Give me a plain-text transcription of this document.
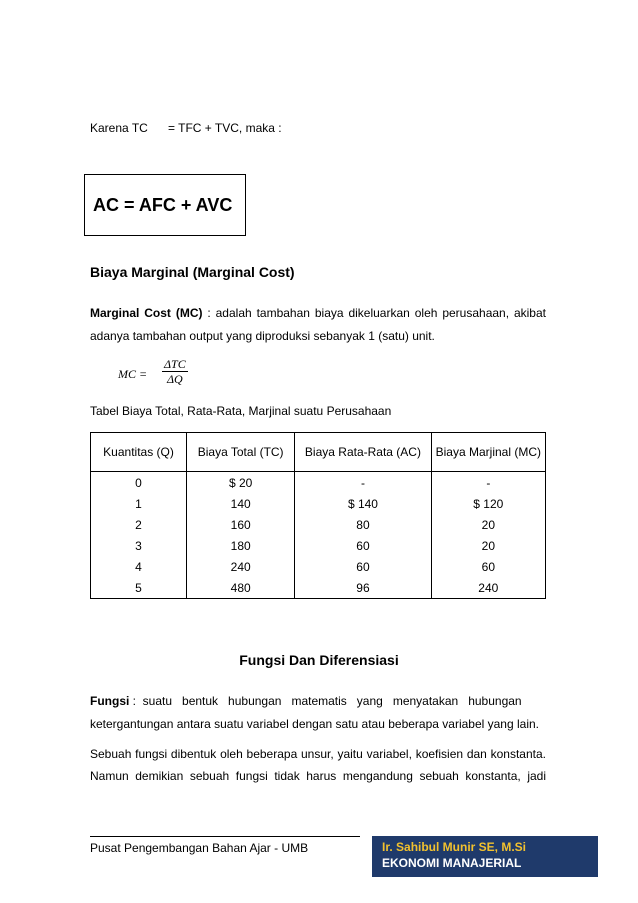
Karena TC = TFC + TVC, maka :
AC = AFC + AVC
Biaya Marginal (Marginal Cost)
Marginal Cost (MC) : adalah tambahan biaya dikeluarkan oleh perusahaan, akibat
adanya tambahan output yang diproduksi sebanyak 1 (satu) unit.
MC =
ΔTC
ΔQ
Tabel Biaya Total, Rata-Rata, Marjinal suatu Perusahaan
Kuantitas (Q)	Biaya Total (TC)	Biaya Rata-Rata (AC)	Biaya Marjinal (MC)
0	$ 20	-	-
1	140	$ 140	$ 120
2	160	80	20
3	180	60	20
4	240	60	60
5	480	96	240
Fungsi Dan Diferensiasi
Fungsi :  suatu   bentuk   hubungan   matematis   yang   menyatakan   hubungan
ketergantungan antara suatu variabel dengan satu atau beberapa variabel yang lain.
Sebuah fungsi dibentuk oleh beberapa unsur, yaitu variabel, koefisien dan konstanta.
Namun demikian sebuah fungsi tidak harus mengandung sebuah konstanta, jadi
Pusat Pengembangan Bahan Ajar - UMB	Ir. Sahibul Munir SE, M.Si
EKONOMI MANAJERIAL
